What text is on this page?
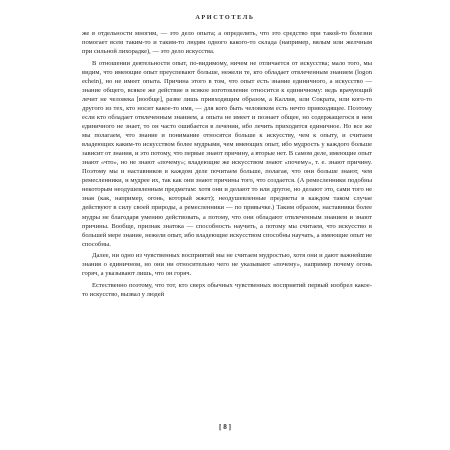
АРИСТОТЕЛЬ

же в отдельности многим, — это дело опыта; а определить, что это средство при такой-то болезни помогает всем таким-то и таким-то людям одного какого-то склада (например, вялым или желчным при сильной лихорадке), — это дело искусства.

В отношении деятельности опыт, по-видимому, ничем не отличается от искусства; мало того, мы видим, что имеющие опыт преуспевают больше, нежели те, кто обладает отвлеченным знанием (logon echein), но не имеет опыта. Причина этого в том, что опыт есть знание единичного, а искусство — знание общего, всякое же действие и всякое изготовление относится к единичному: ведь врачующий лечит не человека [вообще], разве лишь привходящим образом, а Каллия, или Сократа, или кого-то другого из тех, кто носит какое-то имя, — для кого быть человеком есть нечто привходящее. Поэтому если кто обладает отвлеченным знанием, а опыта не имеет и познает общее, но содержащегося в нем единичного не знает, то он часто ошибается в лечении, ибо лечить приходится единичное. Но все же мы полагаем, что знание и понимание относятся больше к искусству, чем к опыту, и считаем владеющих каким-то искусством более мудрыми, чем имеющих опыт, ибо мудрость у каждого больше зависит от знания, и это потому, что первые знают причину, а вторые нет. В самом деле, имеющие опыт знают «что», но не знают «почему»; владеющие же искусством знают «почему», т. е. знают причину. Поэтому мы и наставников в каждом деле почитаем больше, полагая, что они больше знают, чем ремесленники, и мудрее их, так как они знают причины того, что создается. (А ремесленники подобны некоторым неодушевленным предметам: хотя они и делают то или другое, но делают это, сами того не зная (как, например, огонь, который жжет); неодушевленные предметы в каждом таком случае действуют в силу своей природы, а ремесленники — по привычке.) Таким образом, наставники более мудры не благодаря умению действовать, а потому, что они обладают отвлеченным знанием и знают причины. Вообще, признак знатока — способность научить, а потому мы считаем, что искусство в большей мере знание, нежели опыт, ибо владеющие искусством способны научать, а имеющие опыт не способны.

Далее, ни одно из чувственных восприятий мы не считаем мудростью, хотя они и дают важнейшие знания о единичном, но они ни относительно чего не указывают «почему», например почему огонь горяч, а указывают лишь, что он горяч.

Естественно поэтому, что тот, кто сверх обычных чувственных восприятий первый изобрел какое-то искусство, вызвал у людей

[ 8 ]
